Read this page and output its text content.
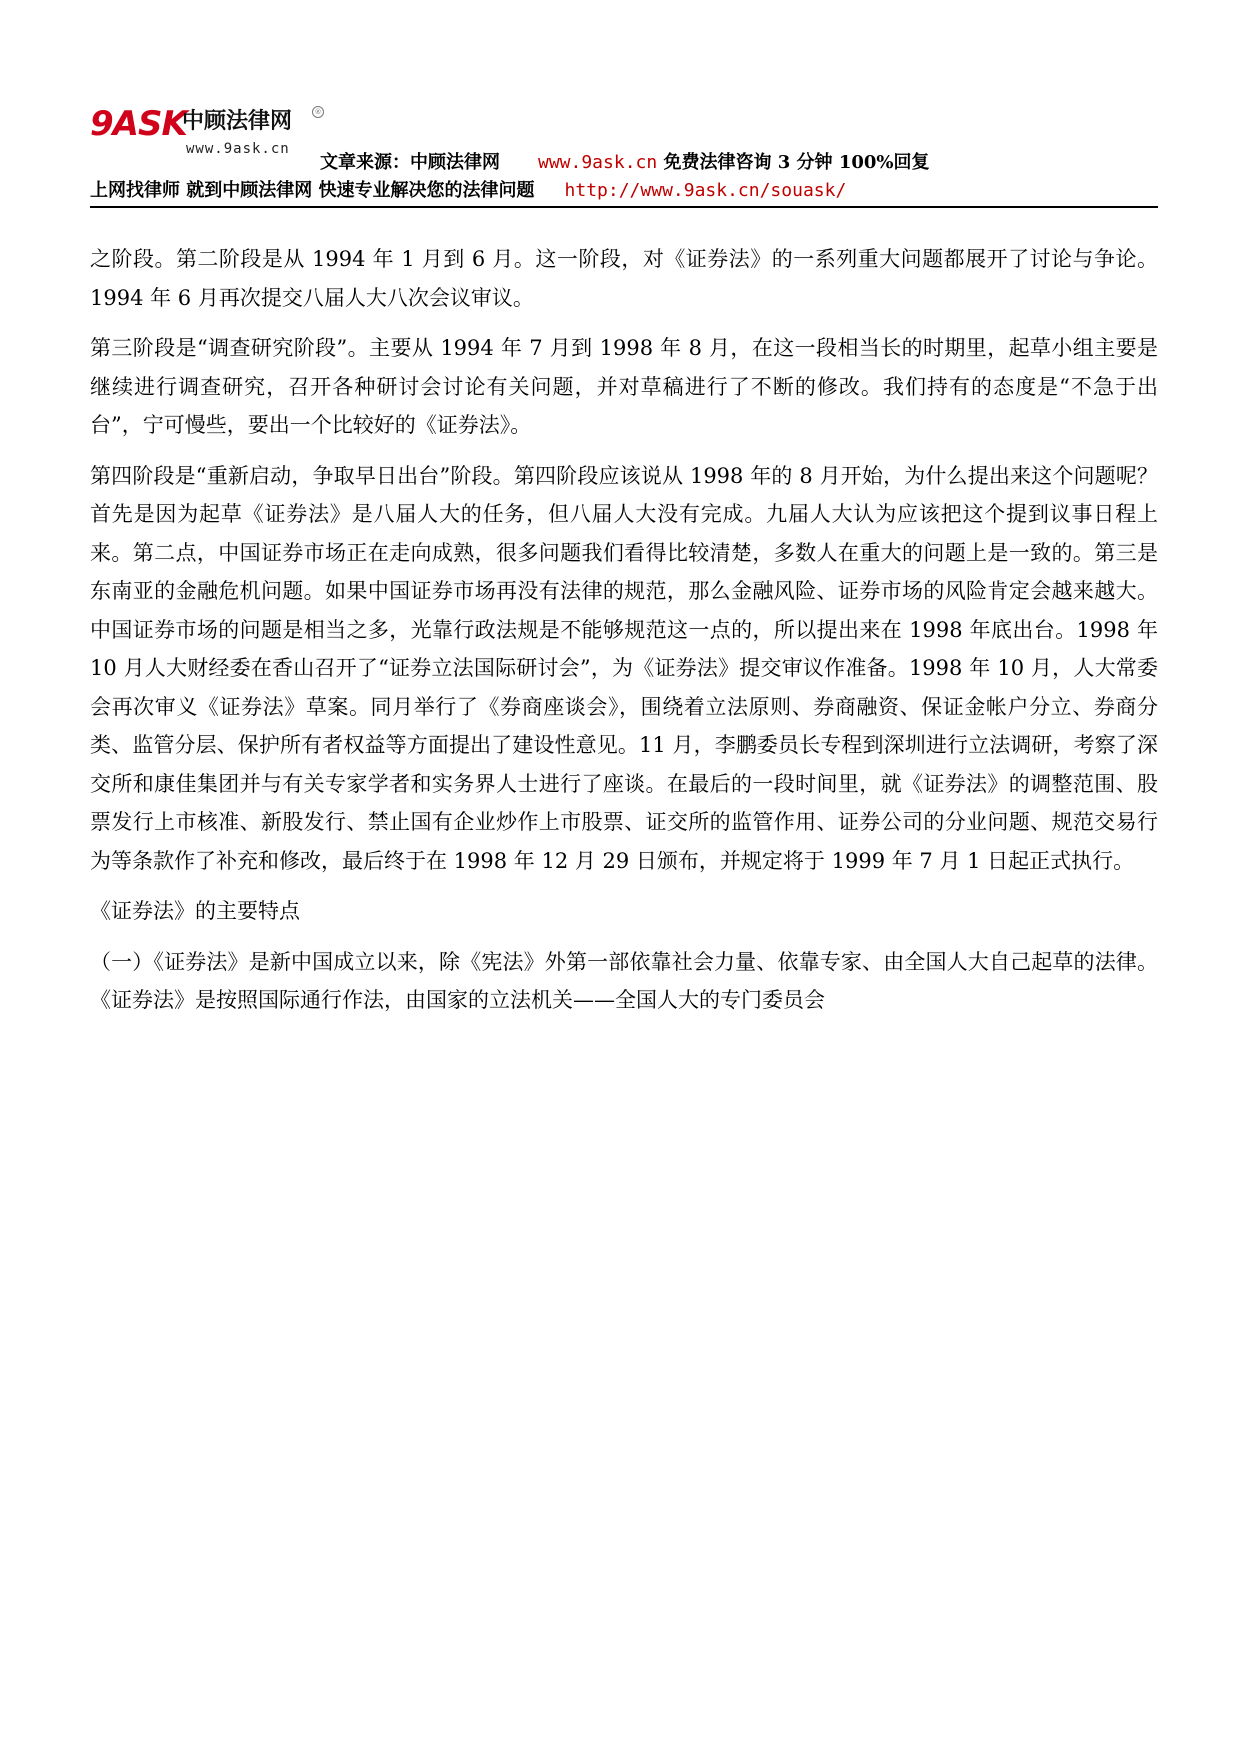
9ASK
中顾法律网	®
www.9ask.cn
文章来源：中顾法律网 www.9ask.cn 免费法律咨询 3 分钟 100%回复
上网找律师 就到中顾法律网 快速专业解决您的法律问题 http://www.9ask.cn/souask/

之阶段。第二阶段是从 1994 年 1 月到 6 月。这一阶段，对《证券法》的一系列重大问题都展开了讨论与争论。1994 年 6 月再次提交八届人大八次会议审议。

第三阶段是“调查研究阶段”。主要从 1994 年 7 月到 1998 年 8 月，在这一段相当长的时期里，起草小组主要是继续进行调查研究，召开各种研讨会讨论有关问题，并对草稿进行了不断的修改。我们持有的态度是“不急于出台”，宁可慢些，要出一个比较好的《证券法》。

第四阶段是“重新启动，争取早日出台”阶段。第四阶段应该说从 1998 年的 8 月开始，为什么提出来这个问题呢？ 首先是因为起草《证券法》是八届人大的任务，但八届人大没有完成。九届人大认为应该把这个提到议事日程上来。第二点，中国证券市场正在走向成熟，很多问题我们看得比较清楚，多数人在重大的问题上是一致的。第三是东南亚的金融危机问题。如果中国证券市场再没有法律的规范，那么金融风险、证券市场的风险肯定会越来越大。中国证券市场的问题是相当之多，光靠行政法规是不能够规范这一点的，所以提出来在 1998 年底出台。1998 年 10 月人大财经委在香山召开了“证券立法国际研讨会”，为《证券法》提交审议作准备。1998 年 10 月，人大常委会再次审义《证券法》草案。同月举行了《券商座谈会》，围绕着立法原则、券商融资、保证金帐户分立、券商分类、监管分层、保护所有者权益等方面提出了建设性意见。11 月，李鹏委员长专程到深圳进行立法调研，考察了深交所和康佳集团并与有关专家学者和实务界人士进行了座谈。在最后的一段时间里，就《证券法》的调整范围、股票发行上市核准、新股发行、禁止国有企业炒作上市股票、证交所的监管作用、证券公司的分业问题、规范交易行为等条款作了补充和修改，最后终于在 1998 年 12 月 29 日颁布，并规定将于 1999 年 7 月 1 日起正式执行。

《证券法》的主要特点

（一）《证券法》是新中国成立以来，除《宪法》外第一部依靠社会力量、依靠专家、由全国人大自己起草的法律。《证券法》是按照国际通行作法，由国家的立法机关——全国人大的专门委员会
